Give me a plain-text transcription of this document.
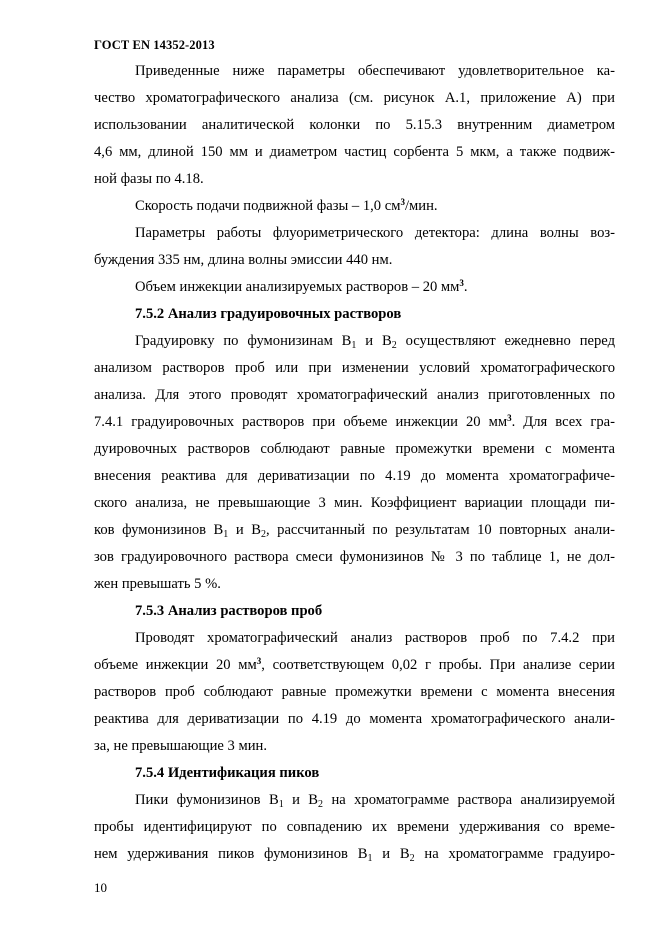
ГОСТ EN 14352-2013
Приведенные ниже параметры обеспечивают удовлетворительное ка-
чество хроматографического анализа (см. рисунок А.1, приложение А) при
использовании аналитической колонки по 5.15.3 внутренним диаметром
4,6 мм, длиной 150 мм и диаметром частиц сорбента 5 мкм, а также подвиж-
ной фазы по 4.18.
Скорость подачи подвижной фазы – 1,0 $см^3$/мин.
Параметры работы флуориметрического детектора: длина волны воз-
буждения 335 нм, длина волны эмиссии 440 нм.
Объем инжекции анализируемых растворов – 20 $мм^3$.
7.5.2 Анализ градуировочных растворов
Градуировку по фумонизинам $B_1$ и $B_2$ осуществляют ежедневно перед
анализом растворов проб или при изменении условий хроматографического
анализа. Для этого проводят хроматографический анализ приготовленных по
7.4.1 градуировочных растворов при объеме инжекции 20 $мм^3$. Для всех гра-
дуировочных растворов соблюдают равные промежутки времени с момента
внесения реактива для дериватизации по 4.19 до момента хроматографиче-
ского анализа, не превышающие 3 мин. Коэффициент вариации площади пи-
ков фумонизинов $B_1$ и $B_2$, рассчитанный по результатам 10 повторных анали-
зов градуировочного раствора смеси фумонизинов № 3 по таблице 1, не дол-
жен превышать 5 %.
7.5.3 Анализ растворов проб
Проводят хроматографический анализ растворов проб по 7.4.2 при
объеме инжекции 20 $мм^3$, соответствующем 0,02 г пробы. При анализе серии
растворов проб соблюдают равные промежутки времени с момента внесения
реактива для дериватизации по 4.19 до момента хроматографического анали-
за, не превышающие 3 мин.
7.5.4 Идентификация пиков
Пики фумонизинов $B_1$ и $B_2$ на хроматограмме раствора анализируемой
пробы идентифицируют по совпадению их времени удерживания со време-
нем удерживания пиков фумонизинов $B_1$ и $B_2$ на хроматограмме градуиро-
10
